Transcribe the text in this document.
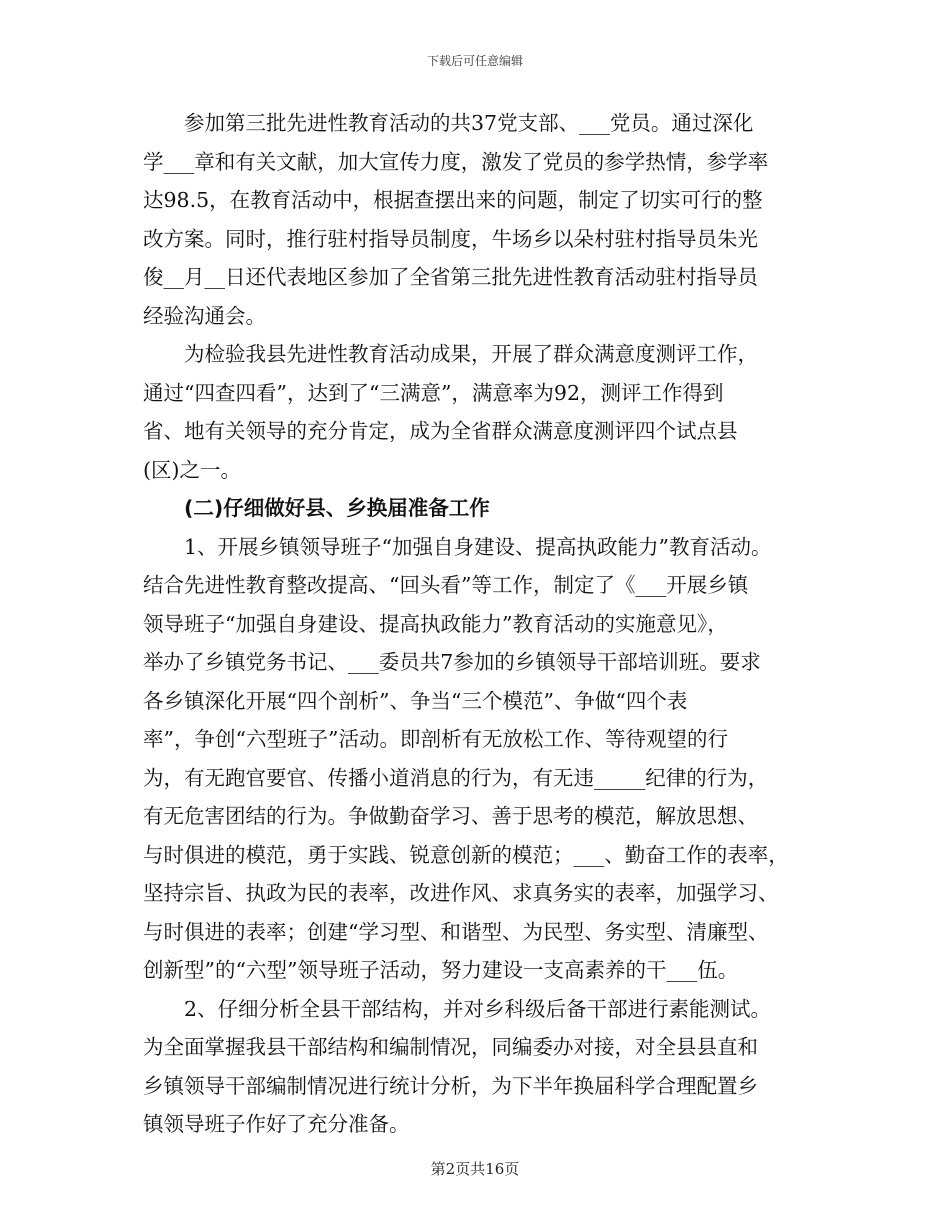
下载后可任意编辑
　　参加第三批先进性教育活动的共37党支部、___党员。通过深化
学___章和有关文献，加大宣传力度，激发了党员的参学热情，参学率
达98.5，在教育活动中，根据查摆出来的问题，制定了切实可行的整
改方案。同时，推行驻村指导员制度，牛场乡以朵村驻村指导员朱光
俊__月__日还代表地区参加了全省第三批先进性教育活动驻村指导员
经验沟通会。
　　为检验我县先进性教育活动成果，开展了群众满意度测评工作，
通过“四查四看”，达到了“三满意”，满意率为92，测评工作得到
省、地有关领导的充分肯定，成为全省群众满意度测评四个试点县
(区)之一。
　　(二)仔细做好县、乡换届准备工作
　　1、开展乡镇领导班子“加强自身建设、提高执政能力”教育活动。
结合先进性教育整改提高、“回头看”等工作，制定了《___开展乡镇
领导班子“加强自身建设、提高执政能力”教育活动的实施意见》，
举办了乡镇党务书记、___委员共7参加的乡镇领导干部培训班。要求
各乡镇深化开展“四个剖析”、争当“三个模范”、争做“四个表
率”，争创“六型班子”活动。即剖析有无放松工作、等待观望的行
为，有无跑官要官、传播小道消息的行为，有无违_____纪律的行为，
有无危害团结的行为。争做勤奋学习、善于思考的模范，解放思想、
与时俱进的模范，勇于实践、锐意创新的模范；___、勤奋工作的表率，
坚持宗旨、执政为民的表率，改进作风、求真务实的表率，加强学习、
与时俱进的表率；创建“学习型、和谐型、为民型、务实型、清廉型、
创新型”的“六型”领导班子活动，努力建设一支高素养的干___伍。
　　2、仔细分析全县干部结构，并对乡科级后备干部进行素能测试。
为全面掌握我县干部结构和编制情况，同编委办对接，对全县县直和
乡镇领导干部编制情况进行统计分析，为下半年换届科学合理配置乡
镇领导班子作好了充分准备。
第2页共16页
